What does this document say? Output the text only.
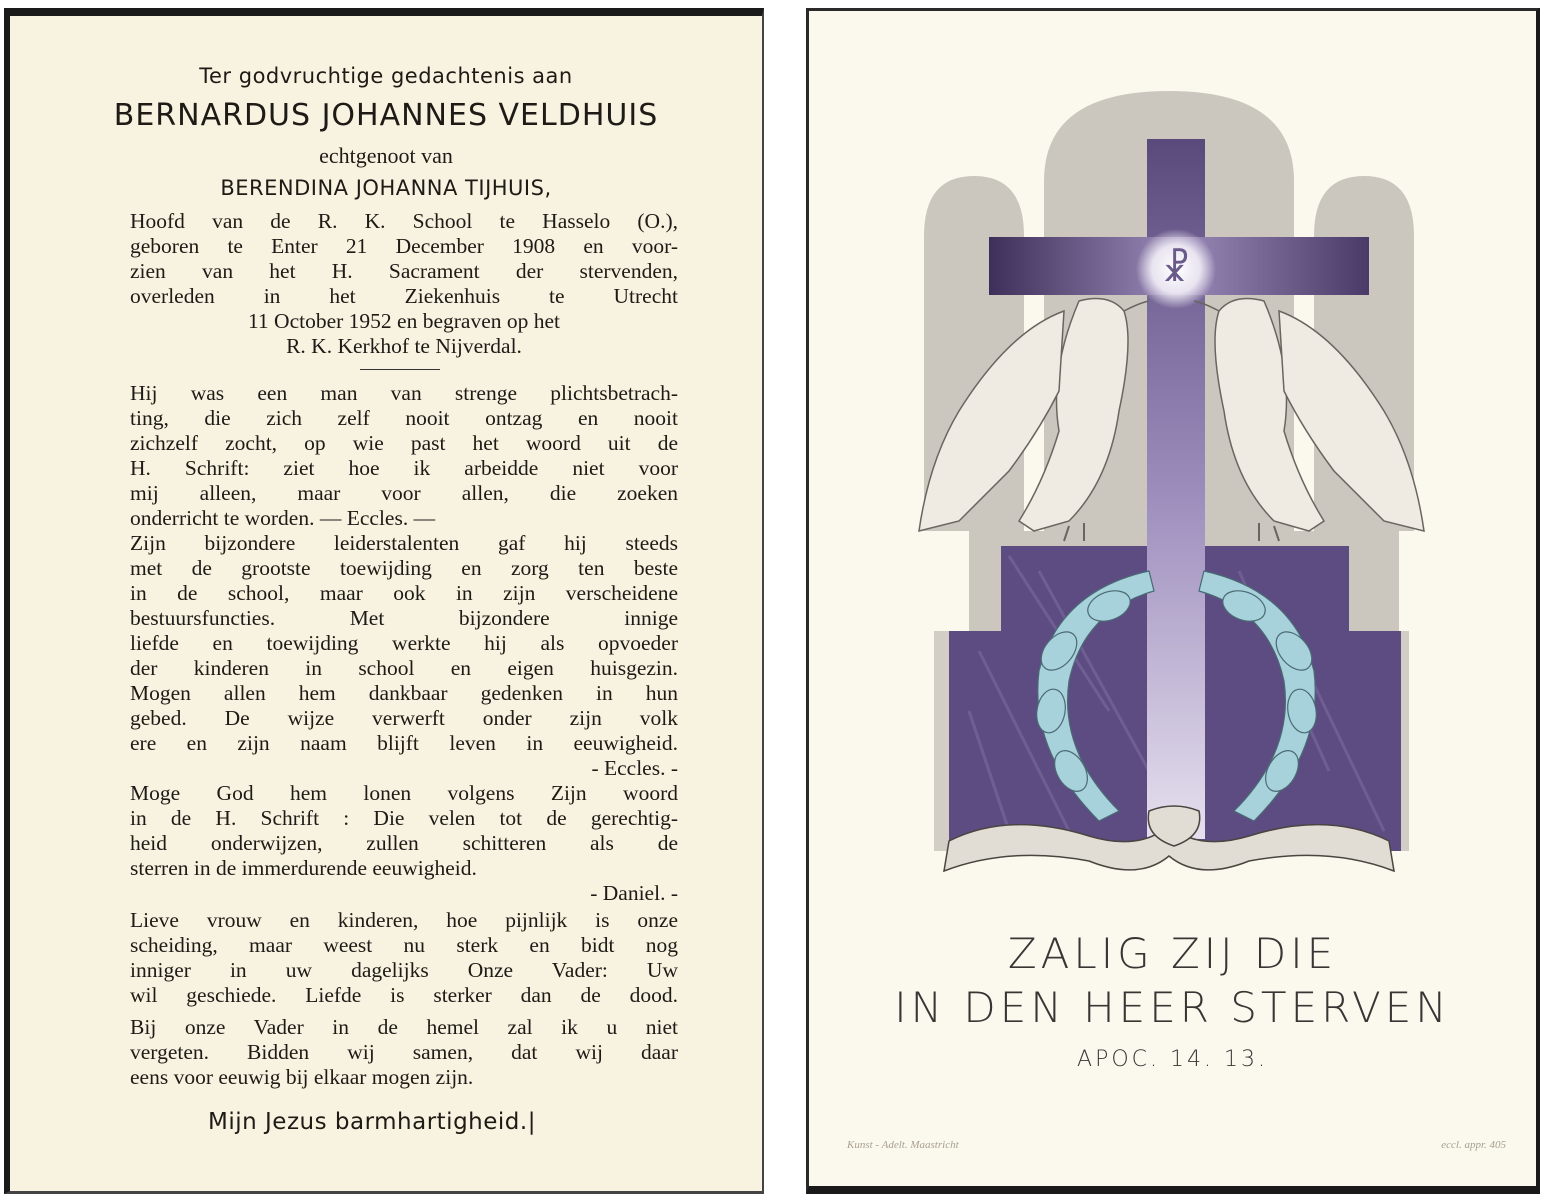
Ter godvruchtige gedachtenis aan
BERNARDUS JOHANNES VELDHUIS
echtgenoot van
BERENDINA JOHANNA TIJHUIS,
Hoofd van de R. K. School te Hasselo (O.),
geboren te Enter 21 December 1908 en voor-
zien van het H. Sacrament der stervenden,
overleden in het Ziekenhuis te Utrecht
11 October 1952 en begraven op het
R. K. Kerkhof te Nijverdal.
Hij was een man van strenge plichtsbetrach-
ting, die zich zelf nooit ontzag en nooit
zichzelf zocht, op wie past het woord uit de
H. Schrift: ziet hoe ik arbeidde niet voor
mij alleen, maar voor allen, die zoeken
onderricht te worden. — Eccles. —
Zijn bijzondere leiderstalenten gaf hij steeds
met de grootste toewijding en zorg ten beste
in de school, maar ook in zijn verscheidene
bestuursfuncties. Met bijzondere innige
liefde en toewijding werkte hij als opvoeder
der kinderen in school en eigen huisgezin.
Mogen allen hem dankbaar gedenken in hun
gebed. De wijze verwerft onder zijn volk
ere en zijn naam blijft leven in eeuwigheid.
- Eccles. -
Moge God hem lonen volgens Zijn woord
in de H. Schrift : Die velen tot de gerechtig-
heid onderwijzen, zullen schitteren als de
sterren in de immerdurende eeuwigheid.
- Daniel. -
Lieve vrouw en kinderen, hoe pijnlijk is onze
scheiding, maar weest nu sterk en bidt nog
inniger in uw dagelijks Onze Vader: Uw
wil geschiede. Liefde is sterker dan de dood.
Bij onze Vader in de hemel zal ik u niet
vergeten. Bidden wij samen, dat wij daar
eens voor eeuwig bij elkaar mogen zijn.
Mijn Jezus barmhartigheid.|
☧
ZALIG ZIJ DIE
IN DEN HEER STERVEN
APOC. 14. 13.
Kunst - Adelt. Maastricht	eccl. appr. 405
